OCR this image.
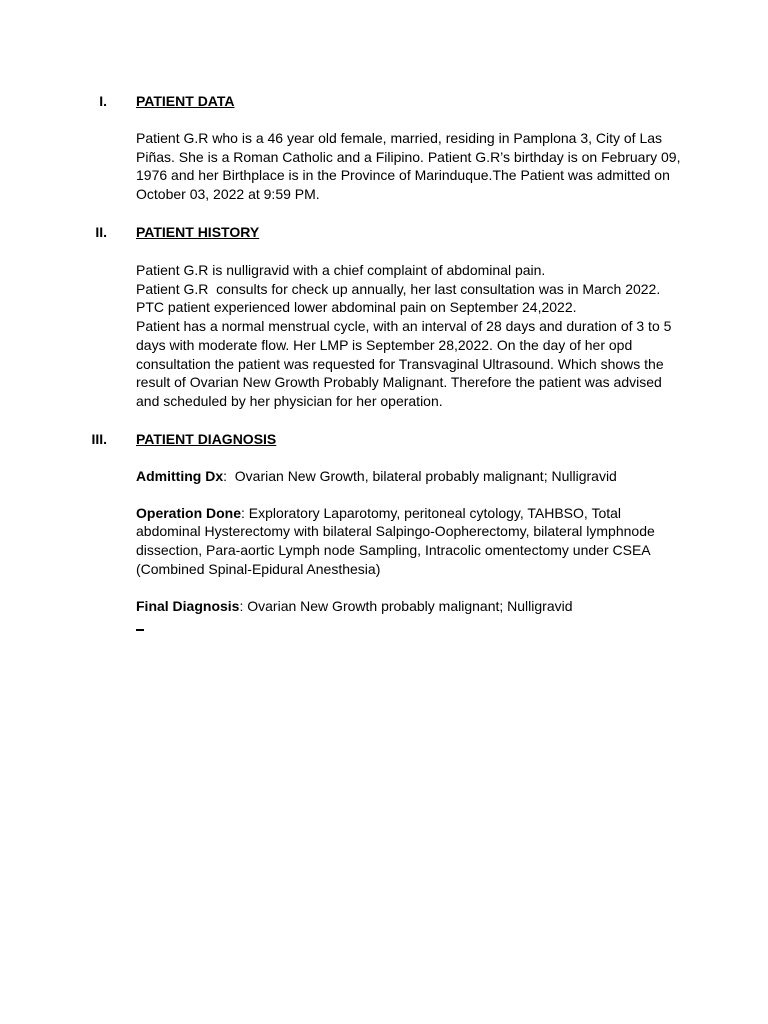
I. PATIENT DATA

Patient G.R who is a 46 year old female, married, residing in Pamplona 3, City of Las Piñas. She is a Roman Catholic and a Filipino. Patient G.R’s birthday is on February 09, 1976 and her Birthplace is in the Province of Marinduque.The Patient was admitted on October 03, 2022 at 9:59 PM.

II. PATIENT HISTORY

Patient G.R is nulligravid with a chief complaint of abdominal pain.
Patient G.R  consults for check up annually, her last consultation was in March 2022.
PTC patient experienced lower abdominal pain on September 24,2022.
Patient has a normal menstrual cycle, with an interval of 28 days and duration of 3 to 5 days with moderate flow. Her LMP is September 28,2022. On the day of her opd consultation the patient was requested for Transvaginal Ultrasound. Which shows the result of Ovarian New Growth Probably Malignant. Therefore the patient was advised and scheduled by her physician for her operation.

III. PATIENT DIAGNOSIS

Admitting Dx:  Ovarian New Growth, bilateral probably malignant; Nulligravid

Operation Done: Exploratory Laparotomy, peritoneal cytology, TAHBSO, Total abdominal Hysterectomy with bilateral Salpingo-Oopherectomy, bilateral lymphnode dissection, Para-aortic Lymph node Sampling, Intracolic omentectomy under CSEA (Combined Spinal-Epidural Anesthesia)

Final Diagnosis: Ovarian New Growth probably malignant; Nulligravid
